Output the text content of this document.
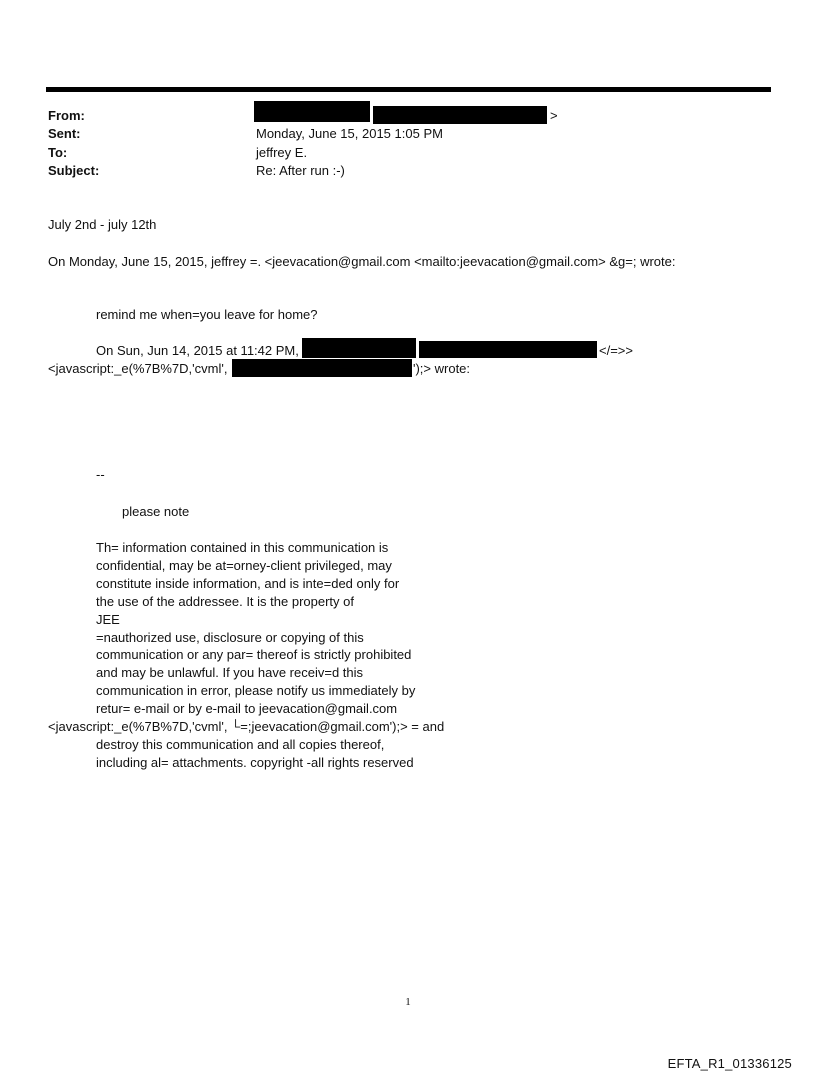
From:	>
Sent:	Monday, June 15, 2015 1:05 PM
To:	jeffrey E.
Subject:	Re: After run :-)
July 2nd - july 12th
On Monday, June 15, 2015, jeffrey =. <jeevacation@gmail.com <mailto:jeevacation@gmail.com> &g=; wrote:
remind me when=you leave for home?
On Sun, Jun 14, 2015 at 11:42 PM,	</=>>
<javascript:_e(%7B%7D,'cvml',	');> wrote:
--
please note
Th= information contained in this communication is
confidential, may be at=orney-client privileged, may
constitute inside information, and is inte=ded only for
the use of the addressee. It is the property of
JEE
=nauthorized use, disclosure or copying of this
communication or any par= thereof is strictly prohibited
and may be unlawful. If you have receiv=d this
communication in error, please notify us immediately by
retur= e-mail or by e-mail to jeevacation@gmail.com
<javascript:_e(%7B%7D,'cvml', └=;jeevacation@gmail.com');> = and
destroy this communication and all copies thereof,
including al= attachments. copyright -all rights reserved
1
EFTA_R1_01336125
